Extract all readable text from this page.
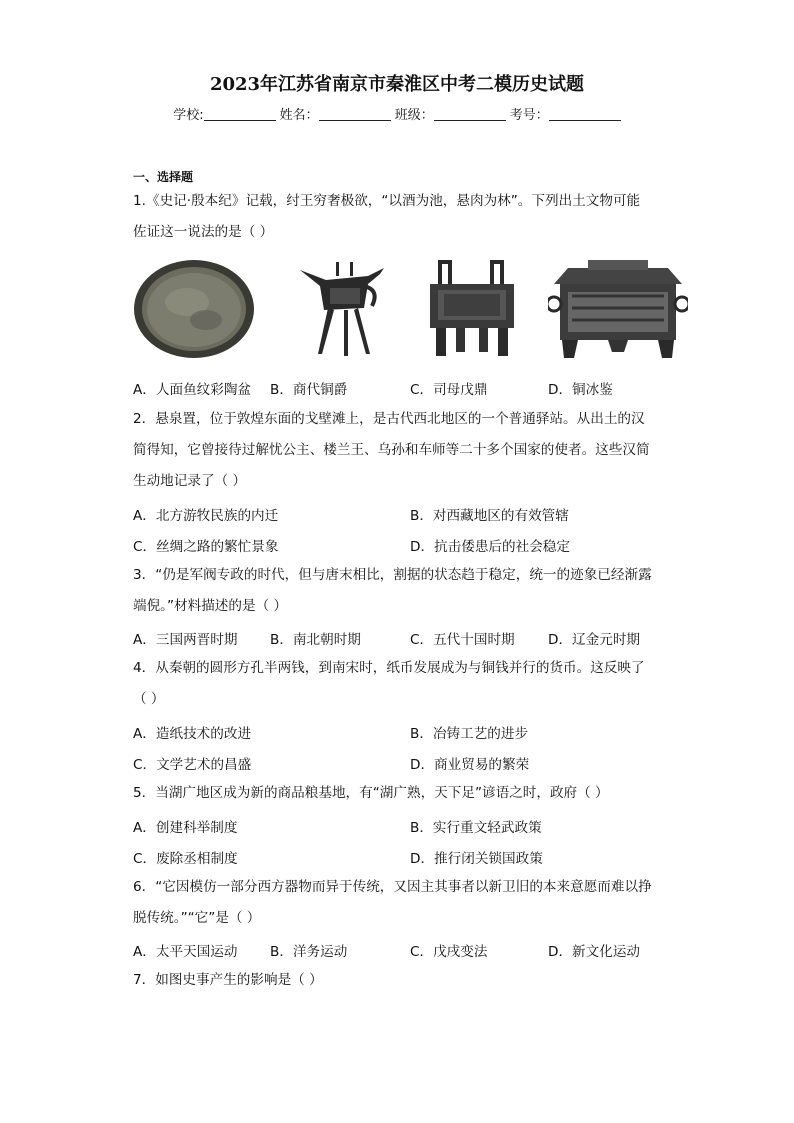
2023年江苏省南京市秦淮区中考二模历史试题
学校:	姓名：	班级：	考号：
一、选择题
1.《史记·殷本纪》记载，纣王穷奢极欲，“以酒为池，悬肉为林”。下列出土文物可能
佐证这一说法的是（ ）
A．人面鱼纹彩陶盆 B．商代铜爵	C．司母戊鼎	D．铜冰鉴
2．悬泉置，位于敦煌东面的戈壁滩上，是古代西北地区的一个普通驿站。从出土的汉
简得知，它曾接待过解忧公主、楼兰王、乌孙和车师等二十多个国家的使者。这些汉简
生动地记录了（ ）
A．北方游牧民族的内迁	B．对西藏地区的有效管辖
C．丝绸之路的繁忙景象	D．抗击倭患后的社会稳定
3．“仍是军阀专政的时代，但与唐末相比，割据的状态趋于稳定，统一的迹象已经渐露
端倪。”材料描述的是（ ）
A．三国两晋时期 B．南北朝时期	C．五代十国时期 D．辽金元时期
4．从秦朝的圆形方孔半两钱，到南宋时，纸币发展成为与铜钱并行的货币。这反映了
（ ）
A．造纸技术的改进	B．冶铸工艺的进步
C．文学艺术的昌盛	D．商业贸易的繁荣
5．当湖广地区成为新的商品粮基地，有“湖广熟，天下足”谚语之时，政府（ ）
A．创建科举制度	B．实行重文轻武政策
C．废除丞相制度	D．推行闭关锁国政策
6．“它因模仿一部分西方器物而异于传统，又因主其事者以新卫旧的本来意愿而难以挣
脱传统。”“它”是（ ）
A．太平天国运动 B．洋务运动	C．戊戌变法	D．新文化运动
7．如图史事产生的影响是（ ）
